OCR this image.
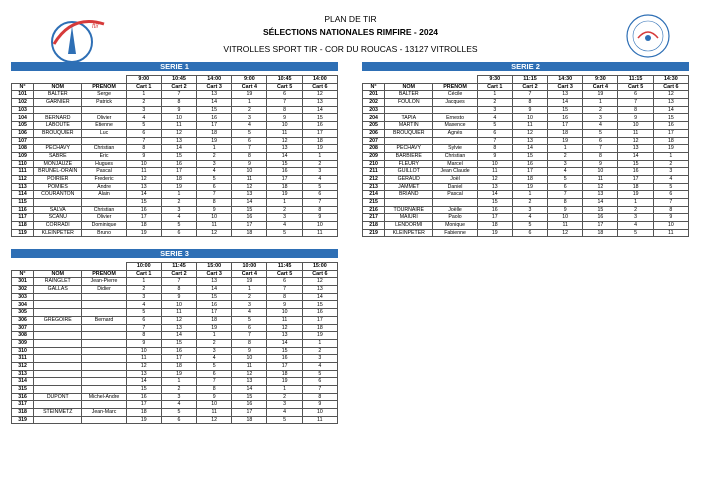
ftir
PLAN DE TIR
SÉLECTIONS NATIONALES RIMFIRE - 2024
VITROLLES SPORT TIR - COR DU ROUCAS - 13127 VITROLLES
SERIE 1
			9:00	10:45	14:00	9:00	10:45	14:00
N°	NOM	PRENOM	Cart 1	Cart 2	Cart 3	Cart 4	Cart 5	Cart 6
101	BALTER	Serge	1	7	13	19	6	12
102	GARNIER	Patrick	2	8	14	1	7	13
103			3	9	15	2	8	14
104	BERNARD	Olivier	4	10	16	3	9	15
105	LABOUTE	Etienne	5	11	17	4	10	16
106	BROUQUIER	Luc	6	12	18	5	11	17
107			7	13	19	6	12	18
108	PECHAVY	Christian	8	14	1	7	13	19
109	SABRE	Eric	9	15	2	8	14	1
110	MONJAUZE	Hugues	10	16	3	9	15	2
111	BRUNEL-ORAIN	Pascal	11	17	4	10	16	3
112	POIRIER	Frederic	12	18	5	11	17	4
113	POMIES	Andre	13	19	6	12	18	5
114	COURANTON	Alain	14	1	7	13	19	6
115			15	2	8	14	1	7
116	SALVA	Christian	16	3	9	15	2	8
117	SCANU	Olivier	17	4	10	16	3	9
118	CORRADI	Dominique	18	5	11	17	4	10
119	KLEINPETER	Bruno	19	6	12	18	5	11
SERIE 2
			9:30	11:15	14:30	9:30	11:15	14:30
N°	NOM	PRENOM	Cart 1	Cart 2	Cart 3	Cart 4	Cart 5	Cart 6
201	BALTER	Cécile	1	7	13	19	6	12
202	FOULON	Jacques	2	8	14	1	7	13
203			3	9	15	2	8	14
204	TAPIA	Ernesto	4	10	16	3	9	15
205	MARTIN	Maxence	5	11	17	4	10	16
206	BROUQUIER	Agnès	6	12	18	5	11	17
207			7	13	19	6	12	18
208	PECHAVY	Sylvie	8	14	1	7	13	19
209	BARBIERE	Christian	9	15	2	8	14	1
210	FLEURY	Marcel	10	16	3	9	15	2
211	GUILLOT	Jean Claude	11	17	4	10	16	3
212	GERAUD	Joël	12	18	5	11	17	4
213	JAMMET	Daniel	13	19	6	12	18	5
214	BRIAND	Pascal	14	1	7	13	19	6
215			15	2	8	14	1	7
216	TOURNAIRE	Joëlle	16	3	9	15	2	8
217	MAIURI	Paolo	17	4	10	16	3	9
218	LENDORMI	Monique	18	5	11	17	4	10
219	KLEINPETER	Fabienne	19	6	12	18	5	11
SERIE 3
			10:00	11:45	15:00	10:00	11:45	15:00
N°	NOM	PRENOM	Cart 1	Cart 2	Cart 3	Cart 4	Cart 5	Cart 6
301	RAINGLET	Jean-Pierre	1	7	13	19	6	12
302	GALLAS	Didier	2	8	14	1	7	13
303			3	9	15	2	8	14
304			4	10	16	3	9	15
305			5	11	17	4	10	16
306	GREGOIRE	Bernard	6	12	18	5	11	17
307			7	13	19	6	12	18
308			8	14	1	7	13	19
309			9	15	2	8	14	1
310			10	16	3	9	15	2
311			11	17	4	10	16	3
312			12	18	5	11	17	4
313			13	19	6	12	18	5
314			14	1	7	13	19	6
315			15	2	8	14	1	7
316	DUPONT	Michel-Andre	16	3	9	15	2	8
317			17	4	10	16	3	9
318	STEINMETZ	Jean-Marc	18	5	11	17	4	10
319			19	6	12	18	5	11
